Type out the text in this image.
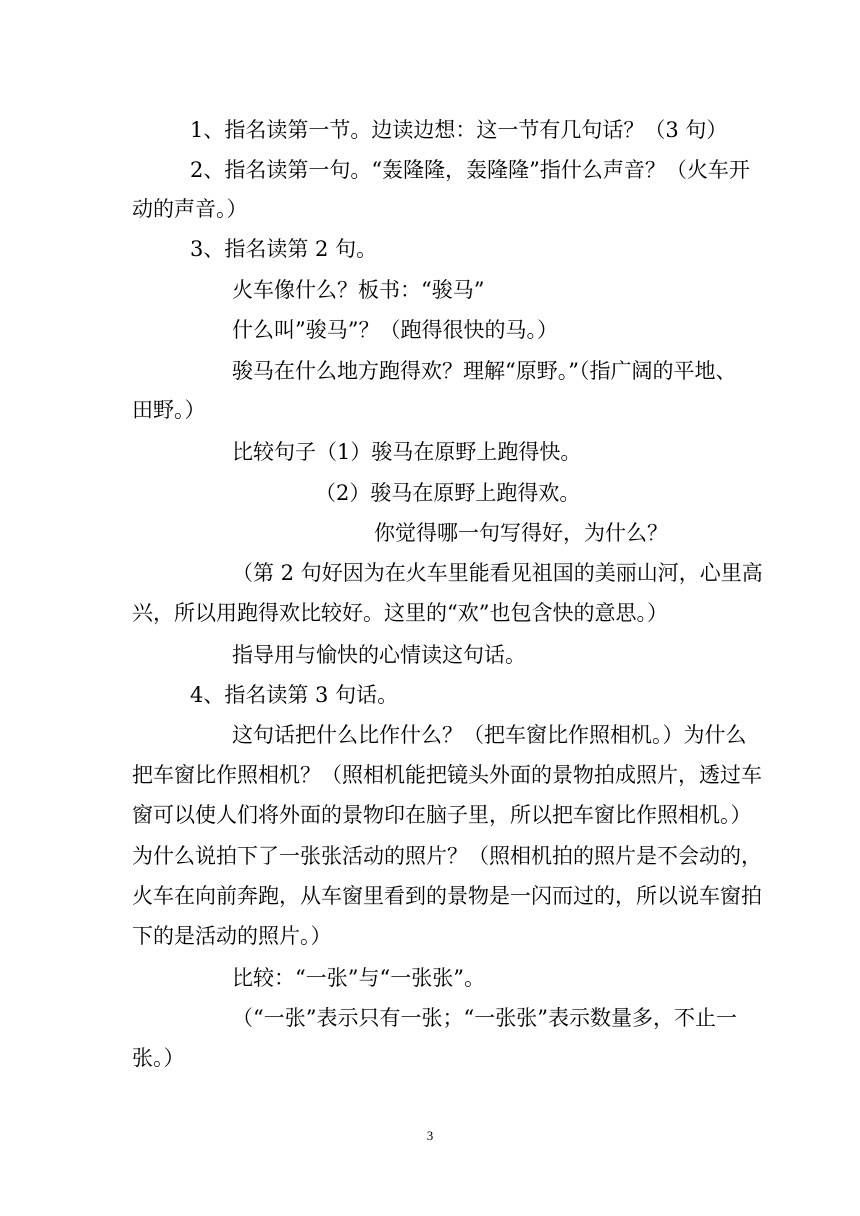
1、指名读第一节。边读边想：这一节有几句话？（3 句）
2、指名读第一句。“轰隆隆，轰隆隆”指什么声音？（火车开
动的声音。）
3、指名读第 2 句。
火车像什么？板书：“骏马”
什么叫”骏马”？（跑得很快的马。）
骏马在什么地方跑得欢？理解“原野。”（指广阔的平地、
田野。）
比较句子（1）骏马在原野上跑得快。
（2）骏马在原野上跑得欢。
你觉得哪一句写得好，为什么？
（第 2 句好因为在火车里能看见祖国的美丽山河，心里高
兴，所以用跑得欢比较好。这里的“欢”也包含快的意思。）
指导用与愉快的心情读这句话。
4、指名读第 3 句话。
这句话把什么比作什么？（把车窗比作照相机。）为什么
把车窗比作照相机？（照相机能把镜头外面的景物拍成照片，透过车
窗可以使人们将外面的景物印在脑子里，所以把车窗比作照相机。）
为什么说拍下了一张张活动的照片？（照相机拍的照片是不会动的，
火车在向前奔跑，从车窗里看到的景物是一闪而过的，所以说车窗拍
下的是活动的照片。）
比较：“一张”与“一张张”。
（“一张”表示只有一张；“一张张”表示数量多，不止一
张。）
3
